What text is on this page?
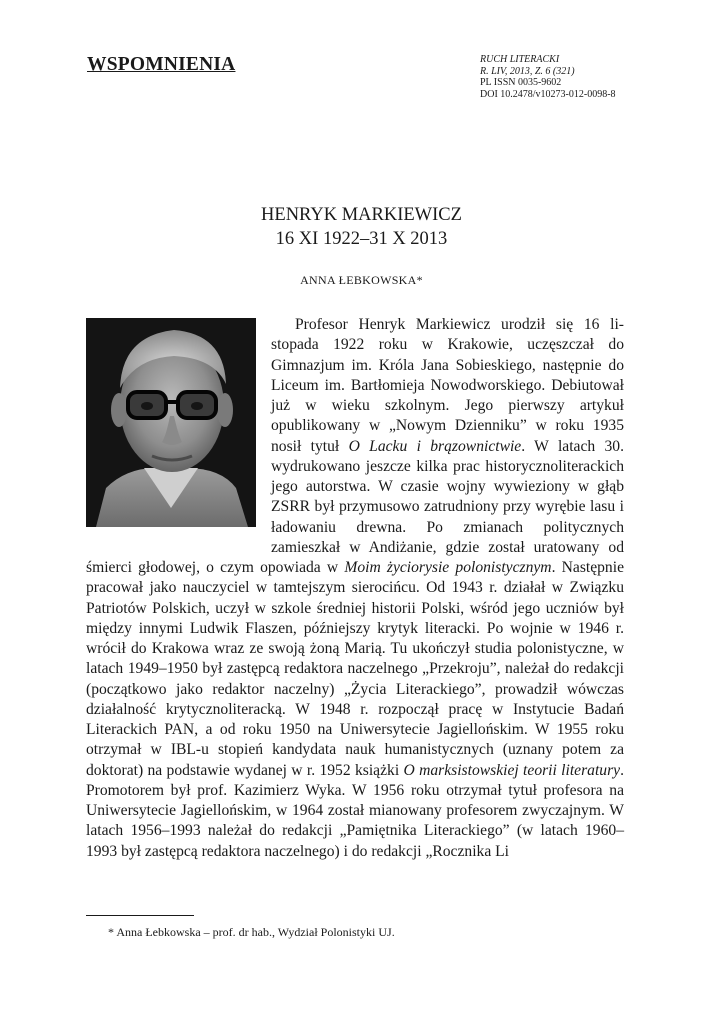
WSPOMNIENIA	RUCH LITERACKI
R. LIV, 2013, Z. 6 (321)
PL ISSN 0035-9602
DOI 10.2478/v10273-012-0098-8
HENRYK MARKIEWICZ
16 XI 1922–31 X 2013
ANNA ŁEBKOWSKA*

Profesor Henryk Markiewicz urodził się 16 listopada 1922 roku w Krakowie, uczęszczał do Gimnazjum im. Króla Jana Sobieskiego, następnie do Liceum im. Bartłomieja Nowodworskiego. Debiutował już w wieku szkolnym. Jego pierwszy artykuł opublikowany w „Nowym Dzienniku” w roku 1935 nosił tytuł O Lacku i brązownictwie. W latach 30. wydrukowano jeszcze kilka prac historycznoliterackich jego autorstwa. W czasie wojny wywieziony w głąb ZSRR był przymusowo zatrudniony przy wyrębie lasu i ładowaniu drewna. Po zmianach politycznych zamieszkał w Andiżanie, gdzie został uratowany od śmierci głodowej, o czym opowiada w Moim życiorysie polonistycznym. Następnie pracował jako nauczyciel w tamtejszym sierocińcu. Od 1943 r. działał w Związku Patriotów Polskich, uczył w szkole średniej historii Polski, wśród jego uczniów był między innymi Ludwik Flaszen, późniejszy krytyk literacki. Po wojnie w 1946 r. wrócił do Krakowa wraz ze swoją żoną Marią. Tu ukończył studia polonistyczne, w latach 1949–1950 był zastępcą redaktora naczelnego „Przekroju”, należał do redakcji (początkowo jako redaktor naczelny) „Życia Literackiego”, prowadził wówczas działalność krytycznoliteracką. W 1948 r. rozpoczął pracę w Instytucie Badań Literackich PAN, a od roku 1950 na Uniwersytecie Jagiellońskim. W 1955 roku otrzymał w IBL-u stopień kandydata nauk humanistycznych (uznany potem za doktorat) na podstawie wydanej w r. 1952 książki O marksistowskiej teorii literatury. Promotorem był prof. Kazimierz Wyka. W 1956 roku otrzymał tytuł profesora na Uniwersytecie Jagiellońskim, w 1964 został mianowany profesorem zwyczajnym. W latach 1956–1993 należał do redakcji „Pamiętnika Literackiego” (w latach 1960–1993 był zastępcą redaktora naczelnego) i do redakcji „Rocznika Li

* Anna Łebkowska – prof. dr hab., Wydział Polonistyki UJ.
